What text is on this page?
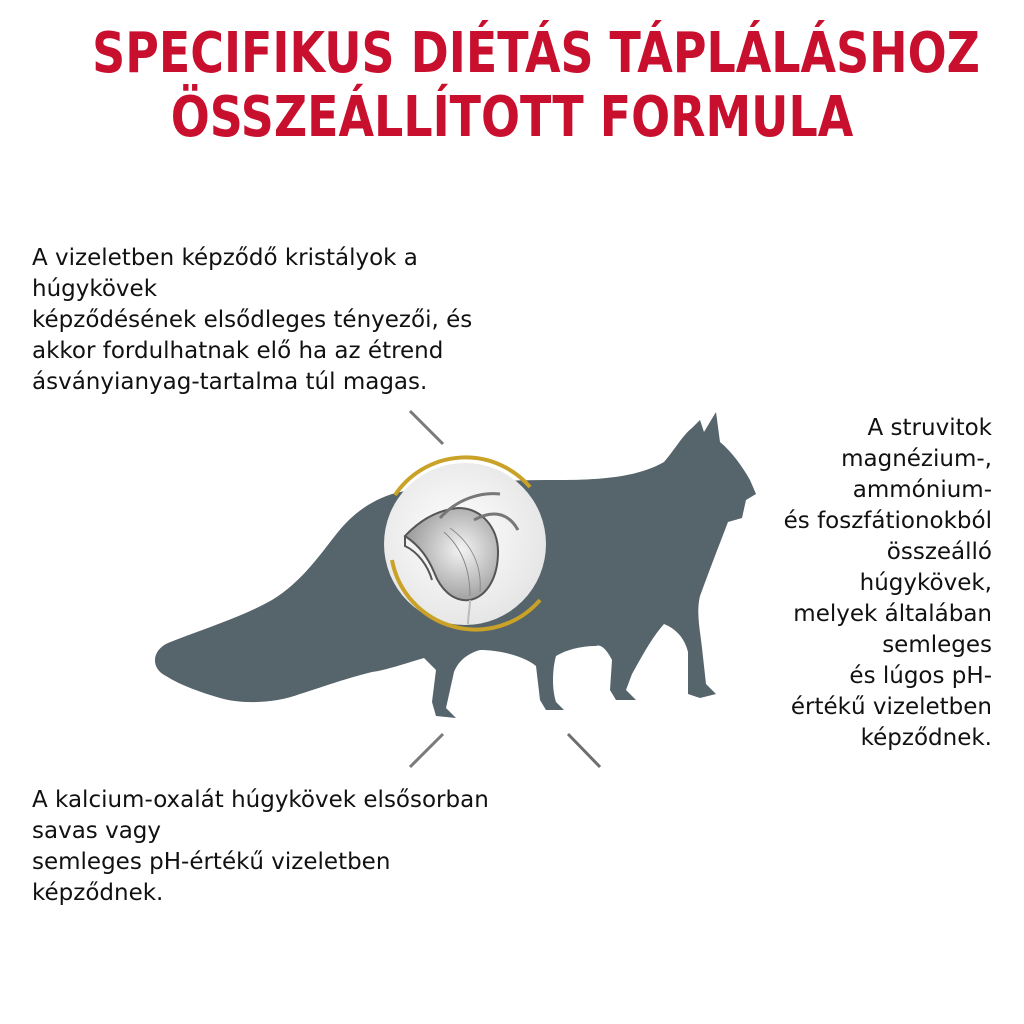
SPECIFIKUS DIÉTÁS TÁPLÁLÁSHOZ
ÖSSZEÁLLÍTOTT FORMULA
A vizeletben képződő kristályok a
húgykövek
képződésének elsődleges tényezői, és
akkor fordulhatnak elő ha az étrend
ásványianyag-tartalma túl magas.
A struvitok
magnézium-,
ammónium-
és foszfátionokból
összeálló
húgykövek,
melyek általában
semleges
és lúgos pH-
értékű vizeletben
képződnek.
A kalcium-oxalát húgykövek elsősorban
savas vagy
semleges pH-értékű vizeletben
képződnek.
